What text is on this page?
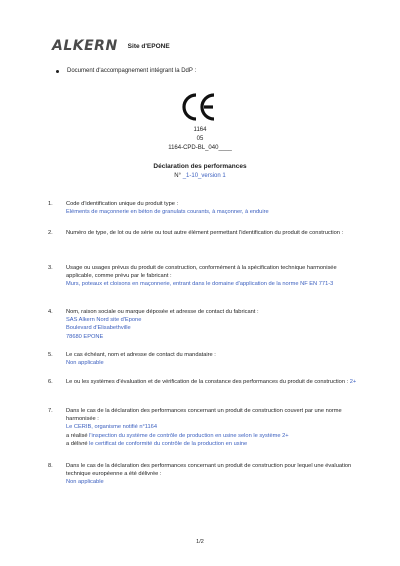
ALKERN Site d'EPONE
Document d'accompagnement intégrant la DdP :
1164
05
1164-CPD-BL_040____
Déclaration des performances
N° _1-10_version 1
1. Code d'identification unique du produit type :
Eléments de maçonnerie en béton de granulats courants, à maçonner, à enduire
2. Numéro de type, de lot ou de série ou tout autre élément permettant l'identification du produit de construction :
3. Usage ou usages prévus du produit de construction, conformément à la spécification technique harmonisée applicable, comme prévu par le fabricant :
Murs, poteaux et cloisons en maçonnerie, entrant dans le domaine d'application de la norme NF EN 771-3
4. Nom, raison sociale ou marque déposée et adresse de contact du fabricant :
SAS Alkern Nord site d'Epone
Boulevard d'Elisabethville
78680 EPONE
5. Le cas échéant, nom et adresse de contact du mandataire :
Non applicable
6. Le ou les systèmes d'évaluation et de vérification de la constance des performances du produit de construction : 2+
7. Dans le cas de la déclaration des performances concernant un produit de construction couvert par une norme harmonisée :
Le CERIB, organisme notifié n°1164
a réalisé l'inspection du système de contrôle de production en usine selon le système 2+
a délivré le certificat de conformité du contrôle de la production en usine
8. Dans le cas de la déclaration des performances concernant un produit de construction pour lequel une évaluation technique européenne a été délivrée :
Non applicable
1/2
